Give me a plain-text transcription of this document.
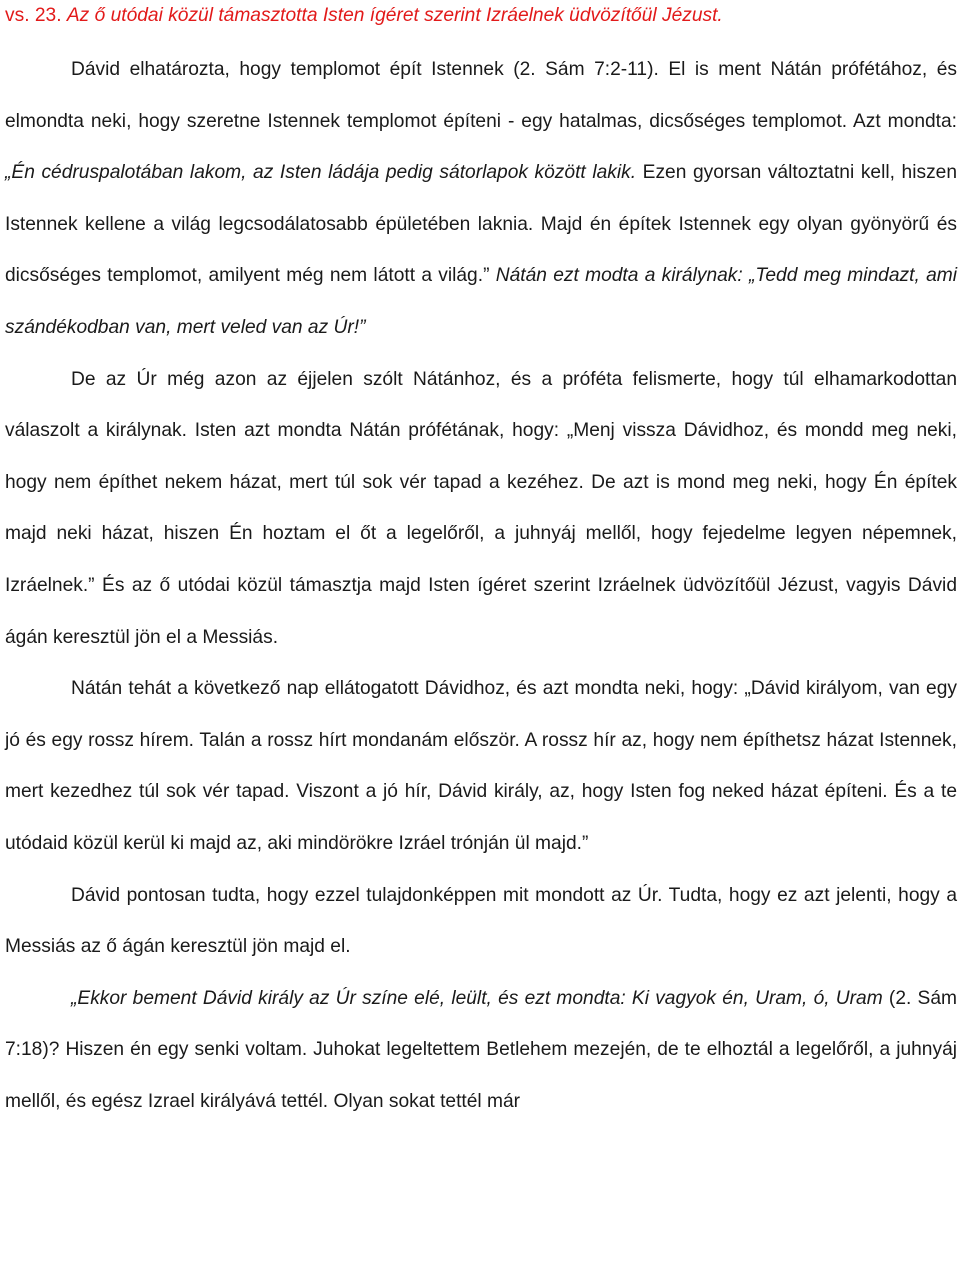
vs. 23. Az ő utódai közül támasztotta Isten ígéret szerint Izráelnek üdvözítőül Jézust.

Dávid elhatározta, hogy templomot épít Istennek (2. Sám 7:2-11). El is ment Nátán prófétához, és elmondta neki, hogy szeretne Istennek templomot építeni - egy hatalmas, dicsőséges templomot. Azt mondta: „Én cédruspalotában lakom, az Isten ládája pedig sátorlapok között lakik. Ezen gyorsan változtatni kell, hiszen Istennek kellene a világ legcsodálatosabb épületében laknia. Majd én építek Istennek egy olyan gyönyörű és dicsőséges templomot, amilyent még nem látott a világ.” Nátán ezt modta a királynak: „Tedd meg mindazt, ami szándékodban van, mert veled van az Úr!”

De az Úr még azon az éjjelen szólt Nátánhoz, és a próféta felismerte, hogy túl elhamarkodottan válaszolt a királynak. Isten azt mondta Nátán prófétának, hogy: „Menj vissza Dávidhoz, és mondd meg neki, hogy nem építhet nekem házat, mert túl sok vér tapad a kezéhez. De azt is mond meg neki, hogy Én építek majd neki házat, hiszen Én hoztam el őt a legelőről, a juhnyáj mellől, hogy fejedelme legyen népemnek, Izráelnek.” És az ő utódai közül támasztja majd Isten ígéret szerint Izráelnek üdvözítőül Jézust, vagyis Dávid ágán keresztül jön el a Messiás.

Nátán tehát a következő nap ellátogatott Dávidhoz, és azt mondta neki, hogy: „Dávid királyom, van egy jó és egy rossz hírem. Talán a rossz hírt mondanám először. A rossz hír az, hogy nem építhetsz házat Istennek, mert kezedhez túl sok vér tapad. Viszont a jó hír, Dávid király, az, hogy Isten fog neked házat építeni. És a te utódaid közül kerül ki majd az, aki mindörökre Izráel trónján ül majd.”

Dávid pontosan tudta, hogy ezzel tulajdonképpen mit mondott az Úr. Tudta, hogy ez azt jelenti, hogy a Messiás az ő ágán keresztül jön majd el.

„Ekkor bement Dávid király az Úr színe elé, leült, és ezt mondta: Ki vagyok én, Uram, ó, Uram (2. Sám 7:18)? Hiszen én egy senki voltam. Juhokat legeltettem Betlehem mezején, de te elhoztál a legelőről, a juhnyáj mellől, és egész Izrael királyává tettél. Olyan sokat tettél már
